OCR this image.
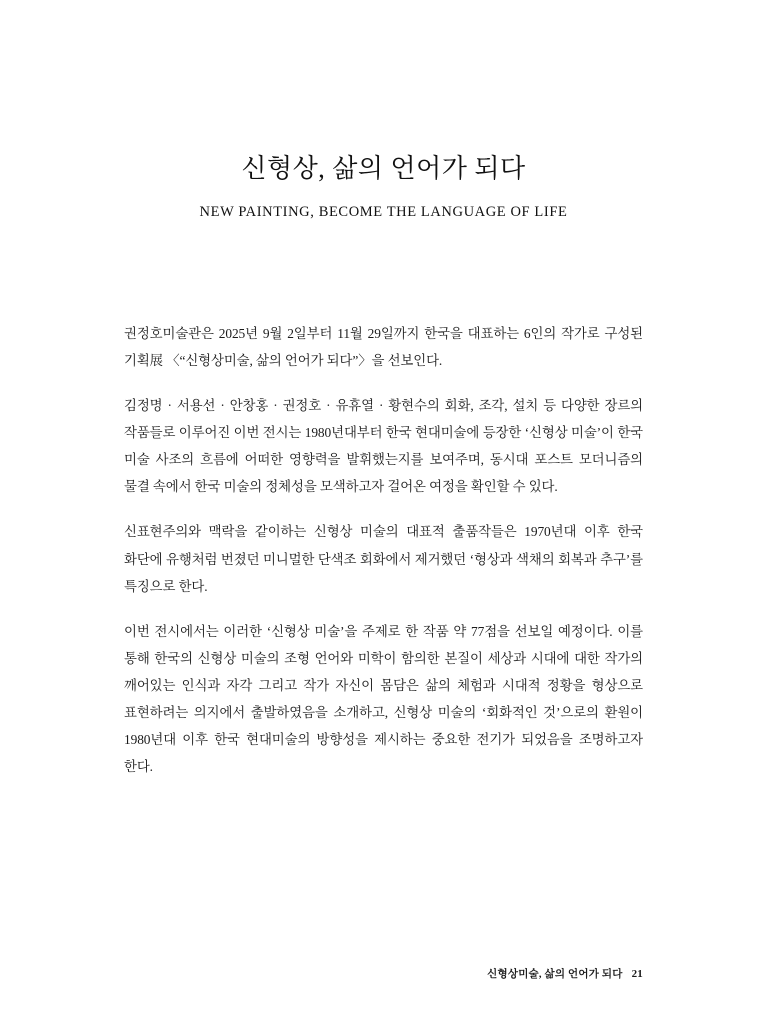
신형상, 삶의 언어가 되다
NEW PAINTING, BECOME THE LANGUAGE OF LIFE

권정호미술관은 2025년 9월 2일부터 11월 29일까지 한국을 대표하는 6인의 작가로 구성된 기획展 〈“신형상미술, 삶의 언어가 되다”〉을 선보인다.

김정명 · 서용선 · 안창홍 · 권정호 · 유휴열 · 황현수의 회화, 조각, 설치 등 다양한 장르의 작품들로 이루어진 이번 전시는 1980년대부터 한국 현대미술에 등장한 ‘신형상 미술’이 한국 미술 사조의 흐름에 어떠한 영향력을 발휘했는지를 보여주며, 동시대 포스트 모더니즘의 물결 속에서 한국 미술의 정체성을 모색하고자 걸어온 여정을 확인할 수 있다.

신표현주의와 맥락을 같이하는 신형상 미술의 대표적 출품작들은 1970년대 이후 한국 화단에 유행처럼 번졌던 미니멀한 단색조 회화에서 제거했던 ‘형상과 색채의 회복과 추구’를 특징으로 한다.

이번 전시에서는 이러한 ‘신형상 미술’을 주제로 한 작품 약 77점을 선보일 예정이다. 이를 통해 한국의 신형상 미술의 조형 언어와 미학이 함의한 본질이 세상과 시대에 대한 작가의 깨어있는 인식과 자각 그리고 작가 자신이 몸담은 삶의 체험과 시대적 정황을 형상으로 표현하려는 의지에서 출발하였음을 소개하고, 신형상 미술의 ‘회화적인 것’으로의 환원이 1980년대 이후 한국 현대미술의 방향성을 제시하는 중요한 전기가 되었음을 조명하고자 한다.

신형상미술, 삶의 언어가 되다 21
